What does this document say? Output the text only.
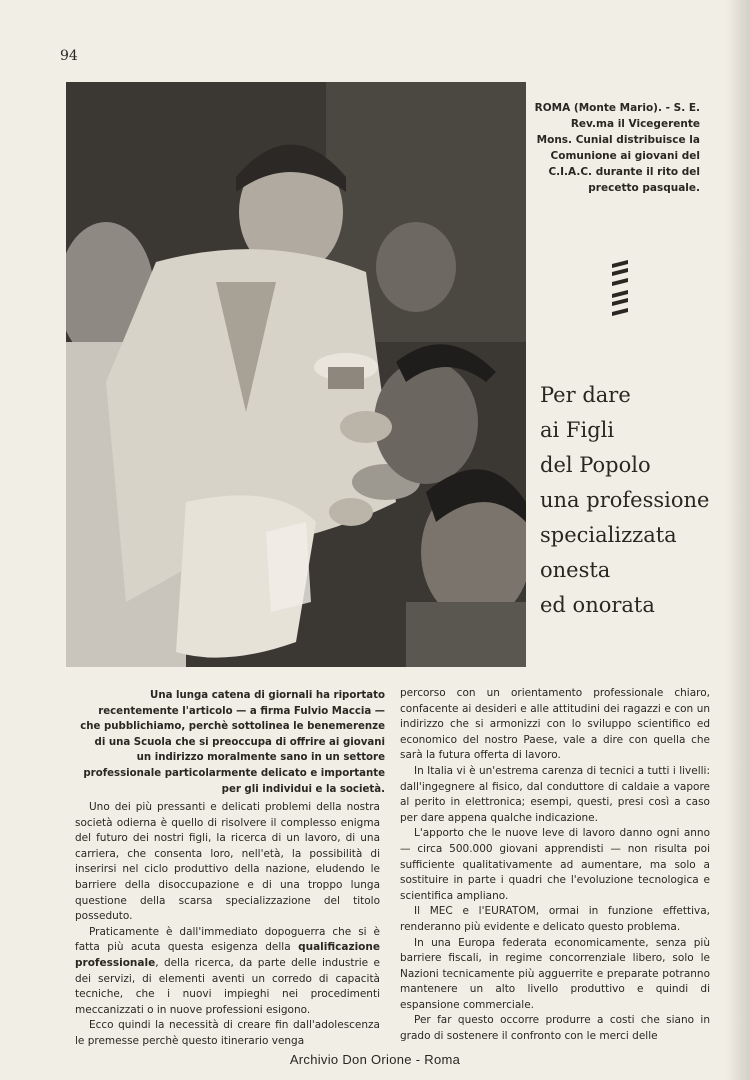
94
ROMA (Monte Mario). - S. E. Rev.ma il Vicegerente Mons. Cunial distribuisce la Comunione ai giovani del C.I.A.C. durante il rito del precetto pasquale.
Per dare
ai Figli
del Popolo
una professione
specializzata
onesta
ed onorata
Una lunga catena di giornali ha riportato recentemente l'articolo — a firma Fulvio Maccia — che pubblichiamo, perchè sottolinea le benemerenze di una Scuola che si preoccupa di offrire ai giovani un indirizzo moralmente sano in un settore professionale particolarmente delicato e importante per gli individui e la società.

Uno dei più pressanti e delicati problemi della nostra società odierna è quello di risolvere il complesso enigma del futuro dei nostri figli, la ricerca di un lavoro, di una carriera, che consenta loro, nell'età, la possibilità di inserirsi nel ciclo produttivo della nazione, eludendo le barriere della disoccupazione e di una troppo lunga questione della scarsa specializzazione del titolo posseduto.

Praticamente è dall'immediato dopoguerra che si è fatta più acuta questa esigenza della qualificazione professionale, della ricerca, da parte delle industrie e dei servizi, di elementi aventi un corredo di capacità tecniche, che i nuovi impieghi nei procedimenti meccanizzati o in nuove professioni esigono.

Ecco quindi la necessità di creare fin dall'adolescenza le premesse perchè questo itinerario venga

percorso con un orientamento professionale chiaro, confacente ai desideri e alle attitudini dei ragazzi e con un indirizzo che si armonizzi con lo sviluppo scientifico ed economico del nostro Paese, vale a dire con quella che sarà la futura offerta di lavoro.

In Italia vi è un'estrema carenza di tecnici a tutti i livelli: dall'ingegnere al fisico, dal conduttore di caldaie a vapore al perito in elettronica; esempi, questi, presi così a caso per dare appena qualche indicazione.

L'apporto che le nuove leve di lavoro danno ogni anno — circa 500.000 giovani apprendisti — non risulta poi sufficiente qualitativamente ad aumentare, ma solo a sostituire in parte i quadri che l'evoluzione tecnologica e scientifica ampliano.

Il MEC e l'EURATOM, ormai in funzione effettiva, renderanno più evidente e delicato questo problema.

In una Europa federata economicamente, senza più barriere fiscali, in regime concorrenziale libero, solo le Nazioni tecnicamente più agguerrite e preparate potranno mantenere un alto livello produttivo e quindi di espansione commerciale.

Per far questo occorre produrre a costi che siano in grado di sostenere il confronto con le merci delle

Archivio Don Orione - Roma
